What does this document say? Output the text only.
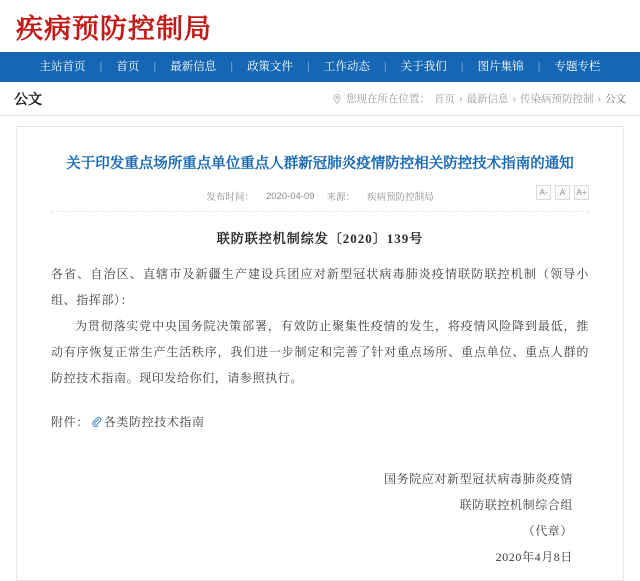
疾病预防控制局
主站首页	|	首页	|	最新信息	|	政策文件	|	工作动态	|	关于我们	|	图片集锦	|	专题专栏
公文	您现在所在位置： 首页 › 最新信息 › 传染病预防控制 › 公文
关于印发重点场所重点单位重点人群新冠肺炎疫情防控相关防控技术指南的通知
发布时间： 2020-04-09 来源： 疾病预防控制局	A-	A	A+
联防联控机制综发〔2020〕139号
各省、自治区、直辖市及新疆生产建设兵团应对新型冠状病毒肺炎疫情联防联控机制（领导小组、指挥部）：
为贯彻落实党中央国务院决策部署，有效防止聚集性疫情的发生，将疫情风险降到最低，推动有序恢复正常生产生活秩序，我们进一步制定和完善了针对重点场所、重点单位、重点人群的防控技术指南。现印发给你们，请参照执行。
附件： 各类防控技术指南
国务院应对新型冠状病毒肺炎疫情
联防联控机制综合组
（代章）
2020年4月8日
